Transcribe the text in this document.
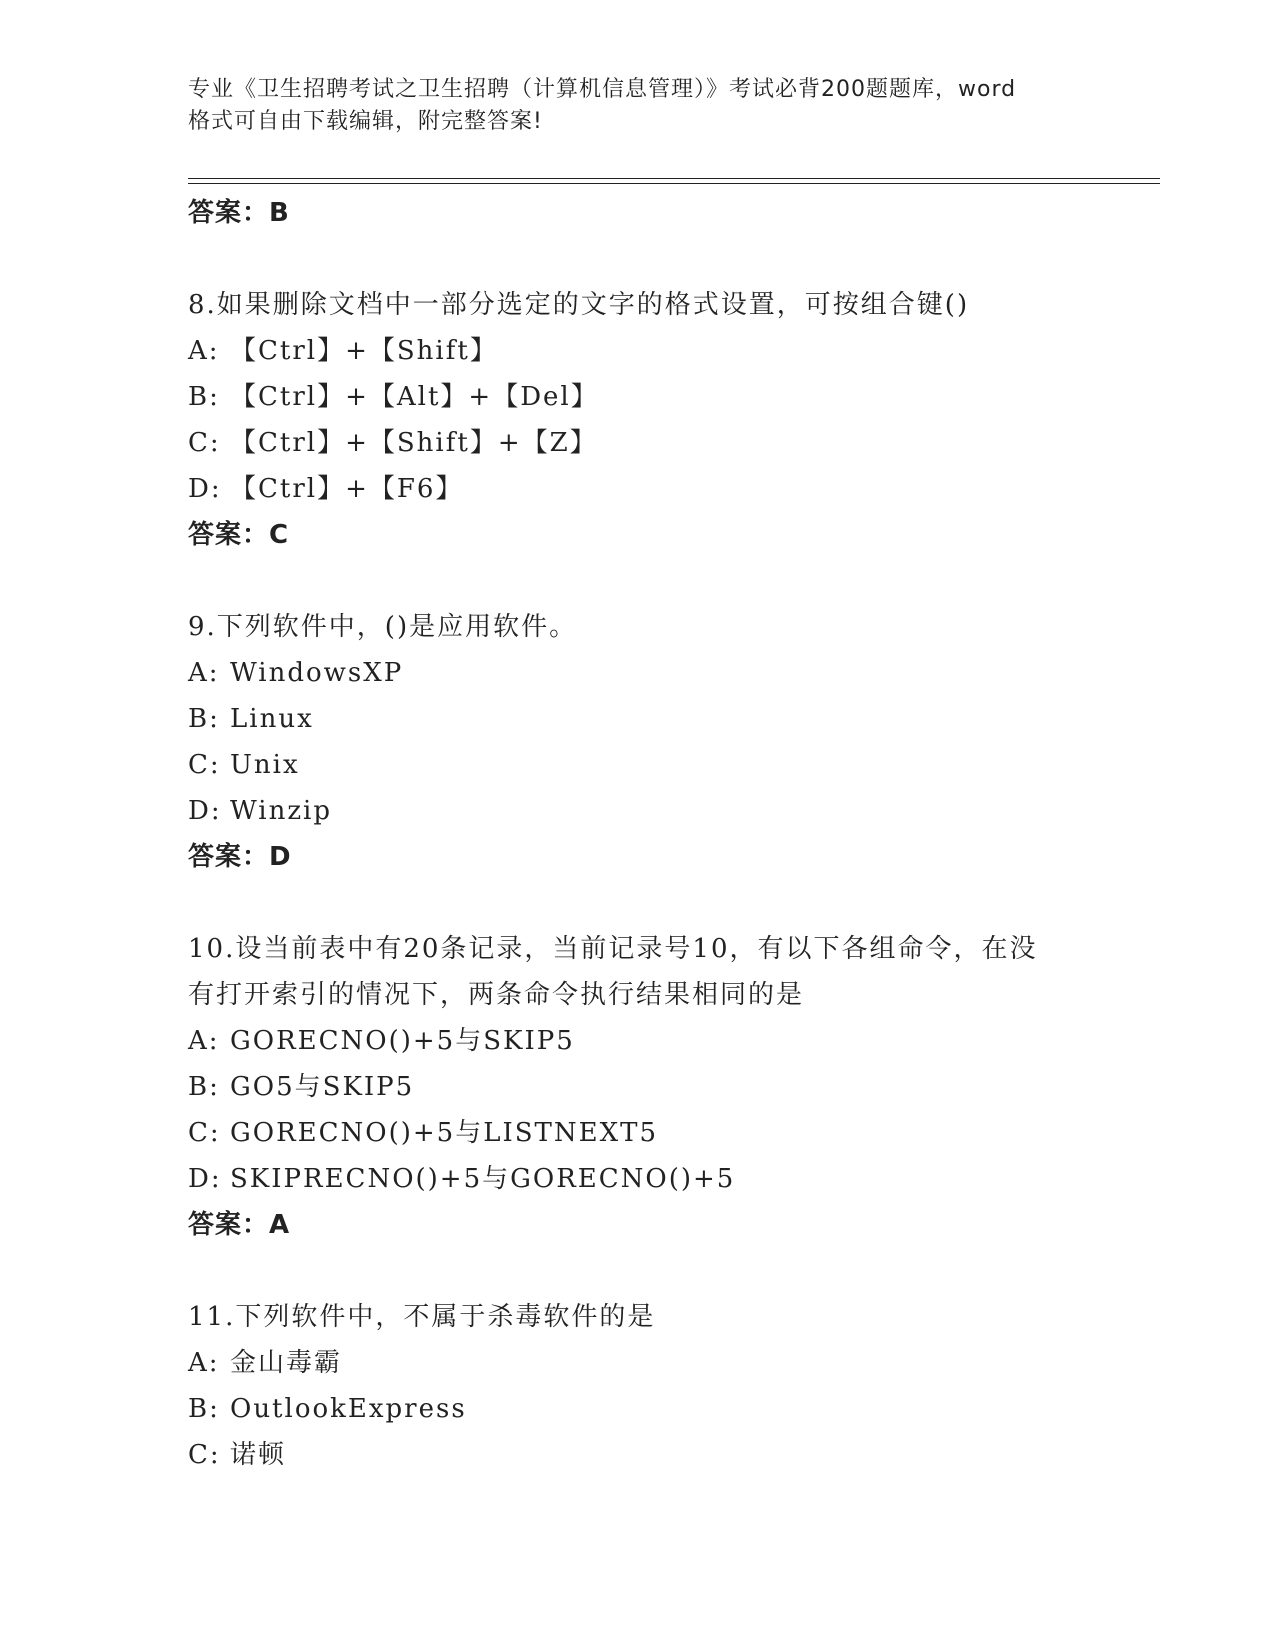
专业《卫生招聘考试之卫生招聘（计算机信息管理）》考试必背200题题库，word
格式可自由下载编辑，附完整答案!
答案：B
8.如果删除文档中一部分选定的文字的格式设置，可按组合键()
A: 【Ctrl】+【Shift】
B: 【Ctrl】+【Alt】+【Del】
C: 【Ctrl】+【Shift】+【Z】
D: 【Ctrl】+【F6】
答案：C
9.下列软件中，()是应用软件。
A: WindowsXP
B: Linux
C: Unix
D: Winzip
答案：D
10.设当前表中有20条记录，当前记录号10，有以下各组命令，在没
有打开索引的情况下，两条命令执行结果相同的是
A: GORECNO()+5与SKIP5
B: GO5与SKIP5
C: GORECNO()+5与LISTNEXT5
D: SKIPRECNO()+5与GORECNO()+5
答案：A
11.下列软件中，不属于杀毒软件的是
A: 金山毒霸
B: OutlookExpress
C: 诺顿
